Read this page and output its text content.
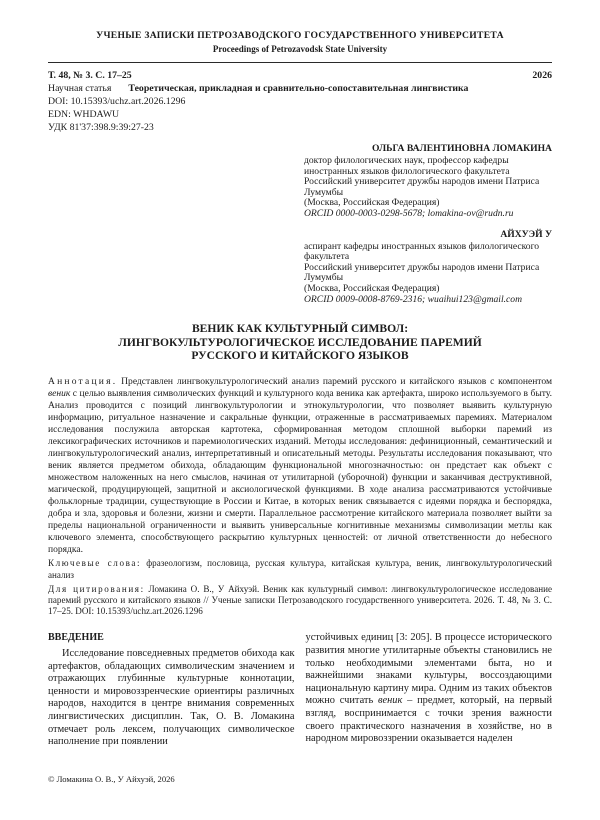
УЧЕНЫЕ ЗАПИСКИ ПЕТРОЗАВОДСКОГО ГОСУДАРСТВЕННОГО УНИВЕРСИТЕТА
Proceedings of Petrozavodsk State University
Т. 48, № 3. С. 17–25	2026
Научная статья Теоретическая, прикладная и сравнительно-сопоставительная лингвистика
DOI: 10.15393/uchz.art.2026.1296
EDN: WHDAWU
УДК 81'37:398.9:39:27-23
ОЛЬГА ВАЛЕНТИНОВНА ЛОМАКИНА
доктор филологических наук, профессор кафедры иностранных языков филологического факультета
Российский университет дружбы народов имени Патриса Лумумбы
(Москва, Российская Федерация)
ORCID 0000-0003-0298-5678; lomakina-ov@rudn.ru
АЙХУЭЙ У
аспирант кафедры иностранных языков филологического факультета
Российский университет дружбы народов имени Патриса Лумумбы
(Москва, Российская Федерация)
ORCID 0009-0008-8769-2316; wuaihui123@gmail.com
ВЕНИК КАК КУЛЬТУРНЫЙ СИМВОЛ:
ЛИНГВОКУЛЬТУРОЛОГИЧЕСКОЕ ИССЛЕДОВАНИЕ ПАРЕМИЙ
РУССКОГО И КИТАЙСКОГО ЯЗЫКОВ
Аннотация. Представлен лингвокультурологический анализ паремий русского и китайского языков с компонентом веник с целью выявления символических функций и культурного кода веника как артефакта, широко используемого в быту. Анализ проводится с позиций лингвокультурологии и этнокультурологии, что позволяет выявить культурную информацию, ритуальное назначение и сакральные функции, отраженные в рассматриваемых паремиях. Материалом исследования послужила авторская картотека, сформированная методом сплошной выборки паремий из лексикографических источников и паремиологических изданий. Методы исследования: дефиниционный, семантический и лингвокультурологический анализ, интерпретативный и описательный методы. Результаты исследования показывают, что веник является предметом обихода, обладающим функциональной многозначностью: он предстает как объект с множеством наложенных на него смыслов, начиная от утилитарной (уборочной) функции и заканчивая деструктивной, магической, продуцирующей, защитной и аксиологической функциями. В ходе анализа рассматриваются устойчивые фольклорные традиции, существующие в России и Китае, в которых веник связывается с идеями порядка и беспорядка, добра и зла, здоровья и болезни, жизни и смерти. Параллельное рассмотрение китайского материала позволяет выйти за пределы национальной ограниченности и выявить универсальные когнитивные механизмы символизации метлы как ключевого элемента, способствующего раскрытию культурных ценностей: от личной ответственности до небесного порядка.
Ключевые слова: фразеологизм, пословица, русская культура, китайская культура, веник, лингвокультурологический анализ
Для цитирования: Ломакина О. В., У Айхуэй. Веник как культурный символ: лингвокультурологическое исследование паремий русского и китайского языков // Ученые записки Петрозаводского государственного университета. 2026. Т. 48, № 3. С. 17–25. DOI: 10.15393/uchz.art.2026.1296
ВВЕДЕНИЕ

Исследование повседневных предметов обихода как артефактов, обладающих символическим значением и отражающих глубинные культурные коннотации, ценности и мировоззренческие ориентиры различных народов, находится в центре внимания современных лингвистических дисциплин. Так, О. В. Ломакина отмечает роль лексем, получающих символическое наполнение при появлении

устойчивых единиц [3: 205]. В процессе исторического развития многие утилитарные объекты становились не только необходимыми элементами быта, но и важнейшими знаками культуры, воссоздающими национальную картину мира. Одним из таких объектов можно считать веник – предмет, который, на первый взгляд, воспринимается с точки зрения важности своего практического назначения в хозяйстве, но в народном мировоззрении оказывается наделен

© Ломакина О. В., У Айхуэй, 2026
